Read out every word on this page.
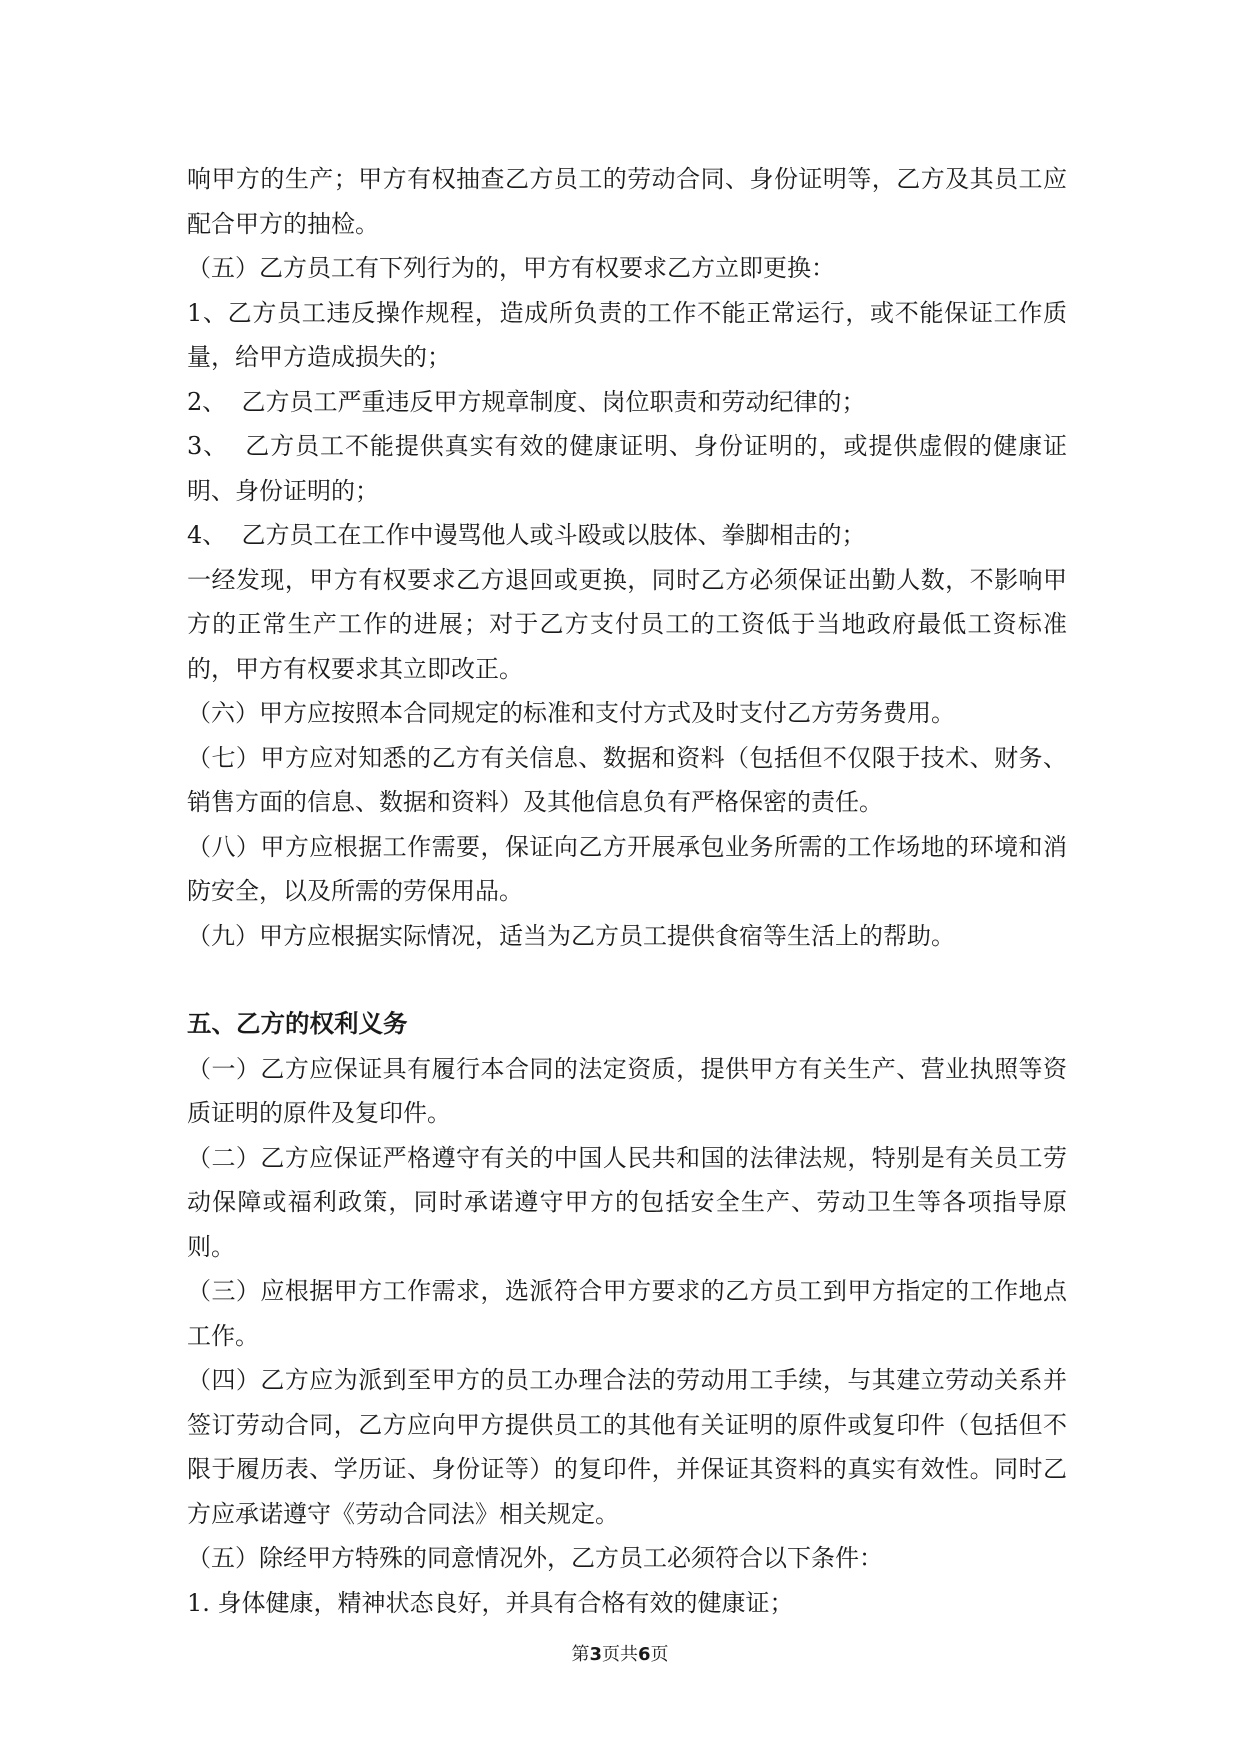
响甲方的生产；甲方有权抽查乙方员工的劳动合同、身份证明等，乙方及其员工应配合甲方的抽检。

（五）乙方员工有下列行为的，甲方有权要求乙方立即更换：

1、乙方员工违反操作规程，造成所负责的工作不能正常运行，或不能保证工作质量，给甲方造成损失的；

2、  乙方员工严重违反甲方规章制度、岗位职责和劳动纪律的；

3、  乙方员工不能提供真实有效的健康证明、身份证明的，或提供虚假的健康证明、身份证明的；

4、  乙方员工在工作中谩骂他人或斗殴或以肢体、拳脚相击的；

一经发现，甲方有权要求乙方退回或更换，同时乙方必须保证出勤人数，不影响甲方的正常生产工作的进展；对于乙方支付员工的工资低于当地政府最低工资标准的，甲方有权要求其立即改正。

（六）甲方应按照本合同规定的标准和支付方式及时支付乙方劳务费用。

（七）甲方应对知悉的乙方有关信息、数据和资料（包括但不仅限于技术、财务、销售方面的信息、数据和资料）及其他信息负有严格保密的责任。

（八）甲方应根据工作需要，保证向乙方开展承包业务所需的工作场地的环境和消防安全，以及所需的劳保用品。

（九）甲方应根据实际情况，适当为乙方员工提供食宿等生活上的帮助。

五、乙方的权利义务

（一）乙方应保证具有履行本合同的法定资质，提供甲方有关生产、营业执照等资质证明的原件及复印件。

（二）乙方应保证严格遵守有关的中国人民共和国的法律法规，特别是有关员工劳动保障或福利政策，同时承诺遵守甲方的包括安全生产、劳动卫生等各项指导原则。

（三）应根据甲方工作需求，选派符合甲方要求的乙方员工到甲方指定的工作地点工作。

（四）乙方应为派到至甲方的员工办理合法的劳动用工手续，与其建立劳动关系并签订劳动合同，乙方应向甲方提供员工的其他有关证明的原件或复印件（包括但不限于履历表、学历证、身份证等）的复印件，并保证其资料的真实有效性。同时乙方应承诺遵守《劳动合同法》相关规定。

（五）除经甲方特殊的同意情况外，乙方员工必须符合以下条件：

1. 身体健康，精神状态良好，并具有合格有效的健康证；

第3页共6页
